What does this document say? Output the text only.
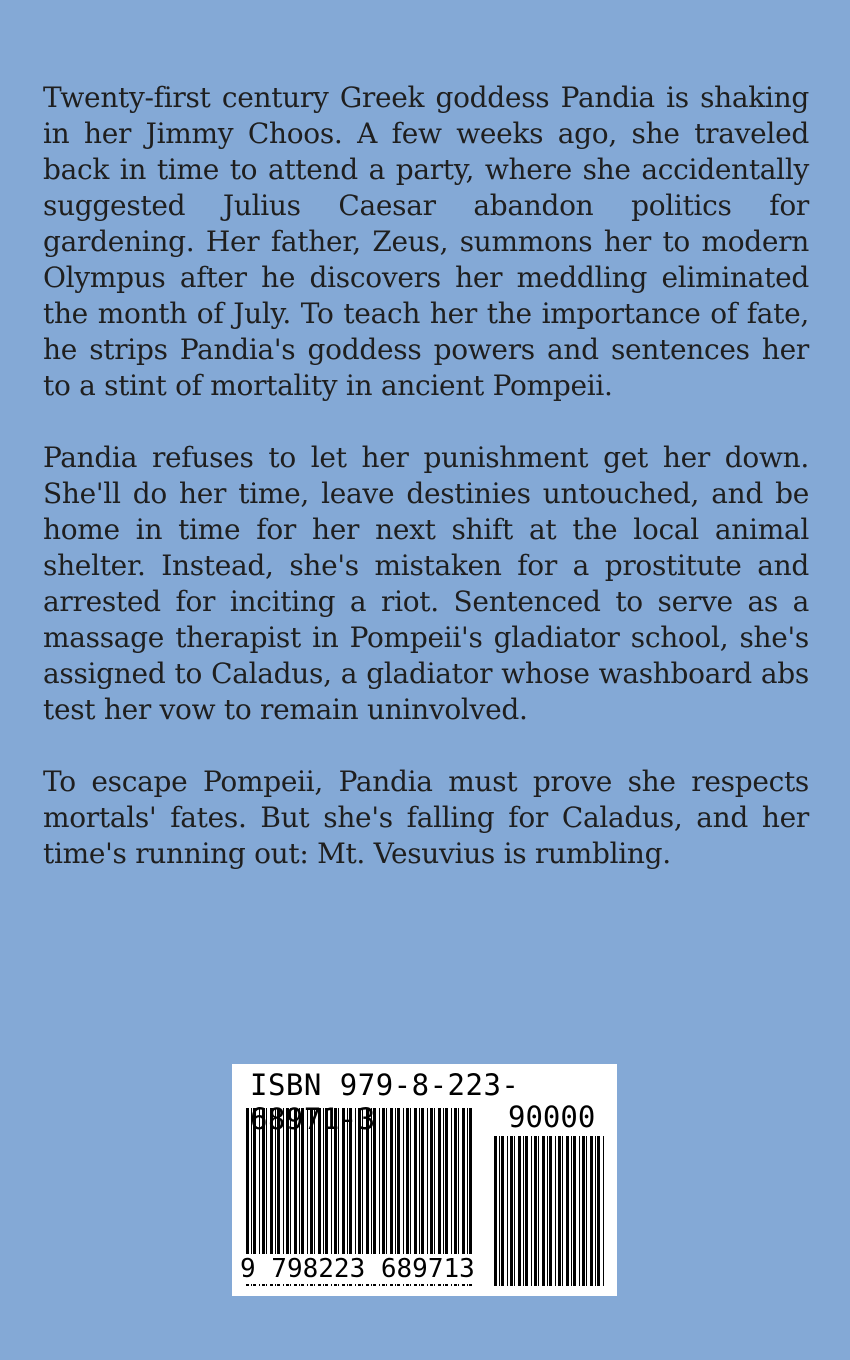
Twenty-first century Greek goddess Pandia is shaking in her Jimmy Choos. A few weeks ago, she traveled back in time to attend a party, where she accidentally suggested Julius Caesar abandon politics for gardening. Her father, Zeus, summons her to modern Olympus after he discovers her meddling eliminated the month of July. To teach her the importance of fate, he strips Pandia's goddess powers and sentences her to a stint of mortality in ancient Pompeii.

Pandia refuses to let her punishment get her down. She'll do her time, leave destinies untouched, and be home in time for her next shift at the local animal shelter. Instead, she's mistaken for a prostitute and arrested for inciting a riot. Sentenced to serve as a massage therapist in Pompeii's gladiator school, she's assigned to Caladus, a gladiator whose washboard abs test her vow to remain uninvolved.

To escape Pompeii, Pandia must prove she respects mortals' fates. But she's falling for Caladus, and her time's running out: Mt. Vesuvius is rumbling.

ISBN 979-8-223-68971-3	90000
9 798223 689713
